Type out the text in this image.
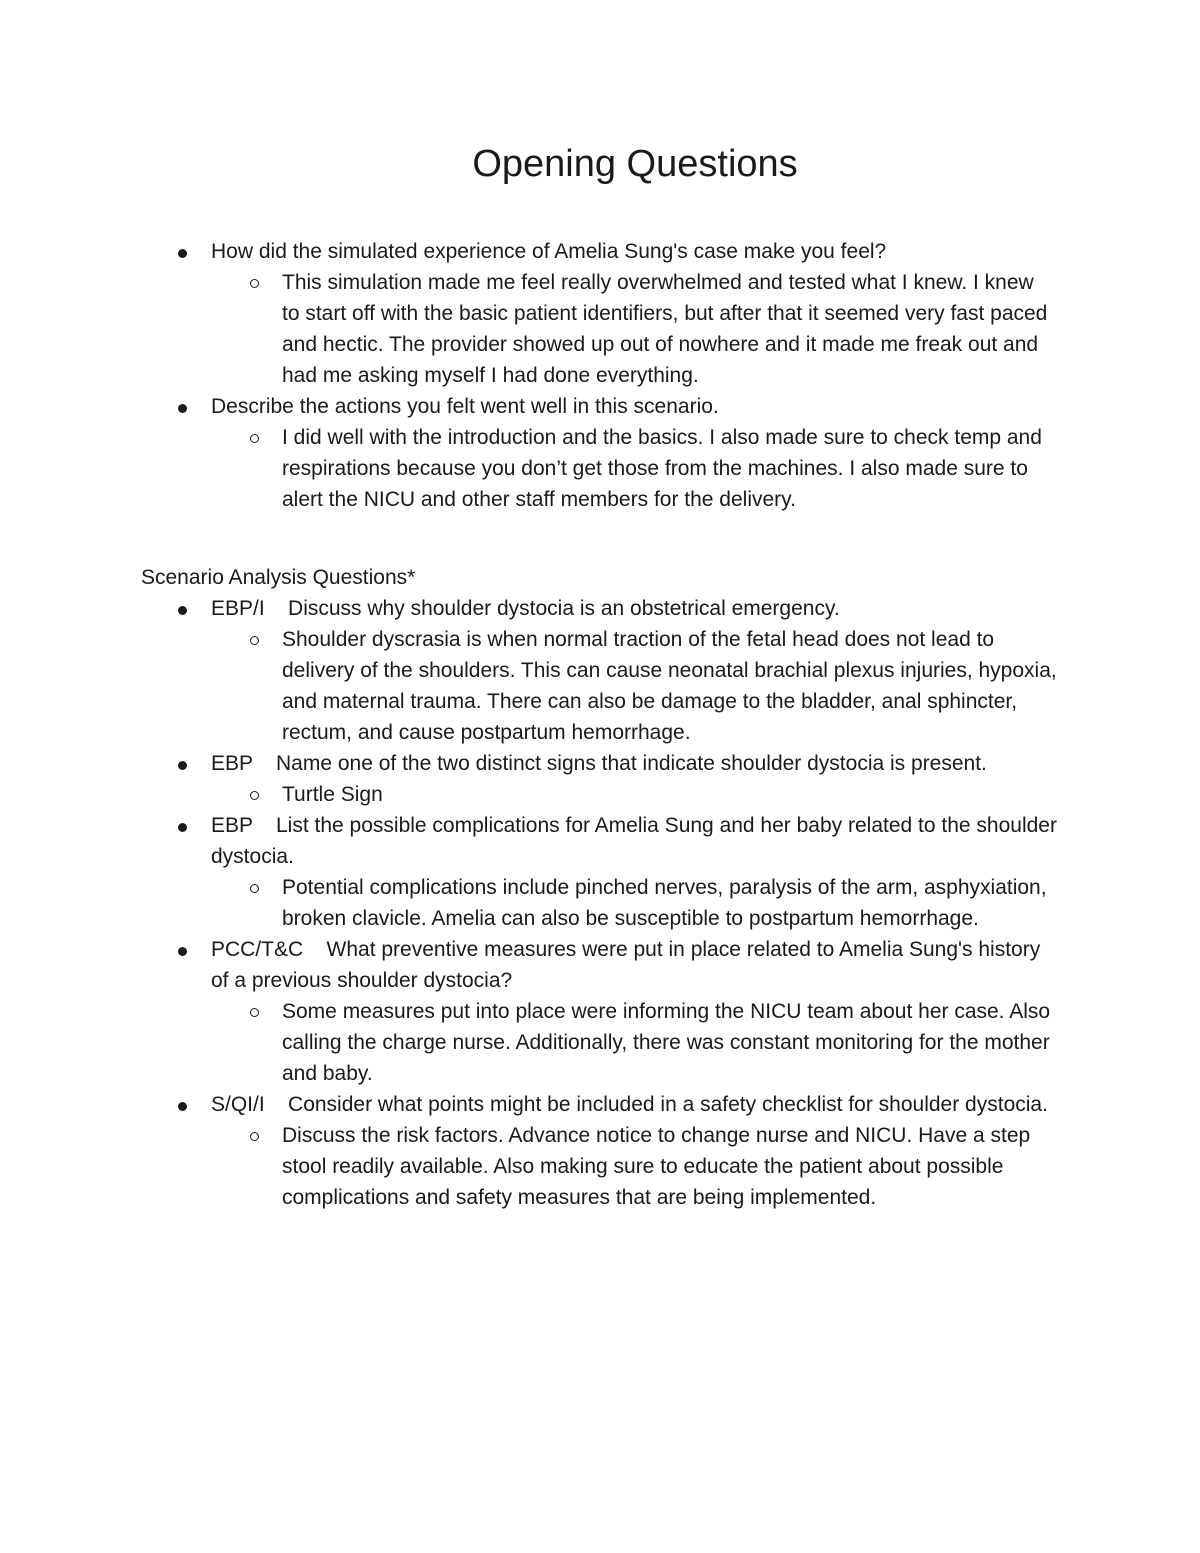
Opening Questions
How did the simulated experience of Amelia Sung's case make you feel?
This simulation made me feel really overwhelmed and tested what I knew. I knew to start off with the basic patient identifiers, but after that it seemed very fast paced and hectic. The provider showed up out of nowhere and it made me freak out and had me asking myself I had done everything.
Describe the actions you felt went well in this scenario.
I did well with the introduction and the basics. I also made sure to check temp and respirations because you don’t get those from the machines. I also made sure to alert the NICU and other staff members for the delivery.
Scenario Analysis Questions*
EBP/I Discuss why shoulder dystocia is an obstetrical emergency.
Shoulder dyscrasia is when normal traction of the fetal head does not lead to delivery of the shoulders. This can cause neonatal brachial plexus injuries, hypoxia, and maternal trauma. There can also be damage to the bladder, anal sphincter, rectum, and cause postpartum hemorrhage.
EBP Name one of the two distinct signs that indicate shoulder dystocia is present.
Turtle Sign
EBP List the possible complications for Amelia Sung and her baby related to the shoulder dystocia.
Potential complications include pinched nerves, paralysis of the arm, asphyxiation, broken clavicle. Amelia can also be susceptible to postpartum hemorrhage.
PCC/T&C What preventive measures were put in place related to Amelia Sung's history of a previous shoulder dystocia?
Some measures put into place were informing the NICU team about her case. Also calling the charge nurse. Additionally, there was constant monitoring for the mother and baby.
S/QI/I Consider what points might be included in a safety checklist for shoulder dystocia.
Discuss the risk factors. Advance notice to change nurse and NICU. Have a step stool readily available. Also making sure to educate the patient about possible complications and safety measures that are being implemented.
